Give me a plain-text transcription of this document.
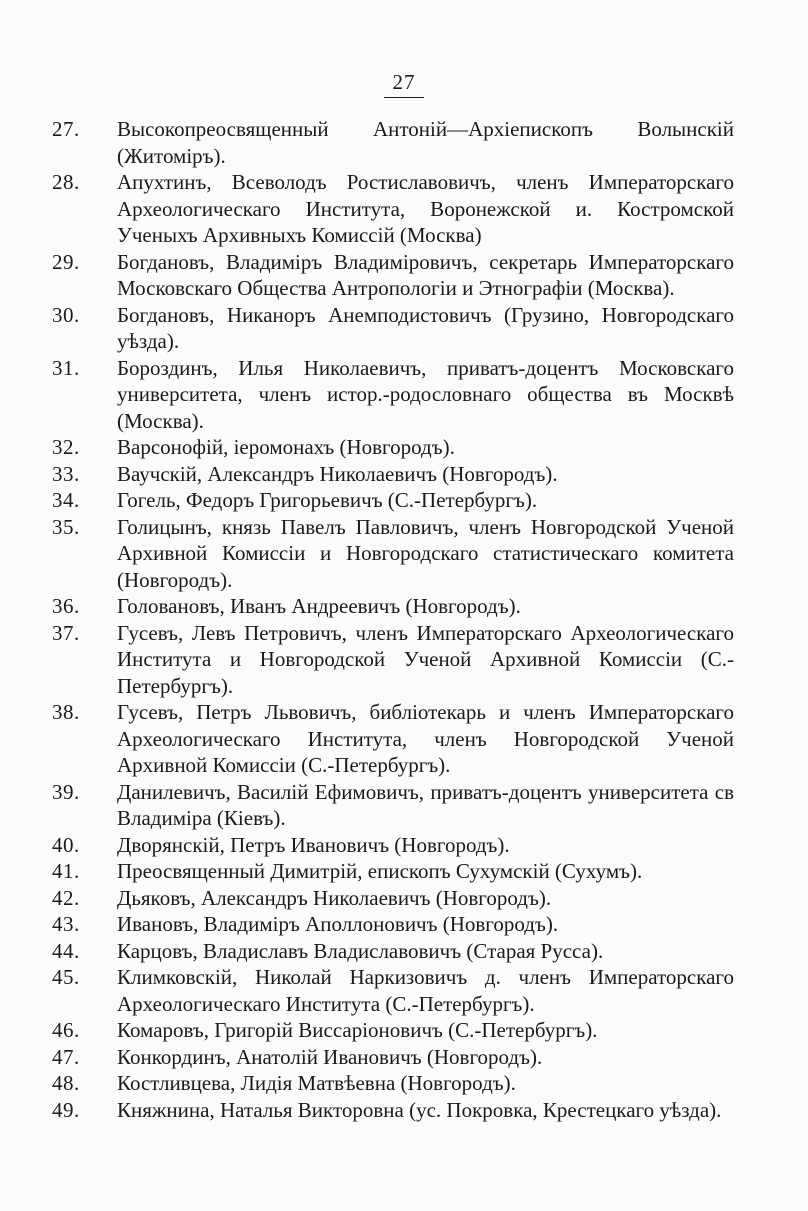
27
27.	Высокопреосвященный Антоній—Архіепископъ Волынскій (Житоміръ).
28.	Апухтинъ, Всеволодъ Ростиславовичъ, членъ Императорскаго Археологическаго Института, Воронежской и. Костромской Ученыхъ Архивныхъ Комиссій (Москва)
29.	Богдановъ, Владиміръ Владиміровичъ, секретарь Императорскаго Московскаго Общества Антропологіи и Этнографіи (Москва).
30.	Богдановъ, Никаноръ Анемподистовичъ (Грузино, Новгородскаго уѣзда).
31.	Бороздинъ, Илья Николаевичъ, приватъ-доцентъ Московскаго университета, членъ истор.-родословнаго общества въ Москвѣ (Москва).
32.	Варсонофій, іеромонахъ (Новгородъ).
33.	Ваучскій, Александръ Николаевичъ (Новгородъ).
34.	Гогель, Федоръ Григорьевичъ (С.-Петербургъ).
35.	Голицынъ, князь Павелъ Павловичъ, членъ Новгородской Ученой Архивной Комиссіи и Новгородскаго статистическаго комитета (Новгородъ).
36.	Головановъ, Иванъ Андреевичъ (Новгородъ).
37.	Гусевъ, Левъ Петровичъ, членъ Императорскаго Археологическаго Института и Новгородской Ученой Архивной Комиссіи (С.-Петербургъ).
38.	Гусевъ, Петръ Львовичъ, библіотекарь и членъ Императорскаго Археологическаго Института, членъ Новгородской Ученой Архивной Комиссіи (С.-Петербургъ).
39.	Данилевичъ, Василій Ефимовичъ, приватъ-доцентъ университета св Владиміра (Кіевъ).
40.	Дворянскій, Петръ Ивановичъ (Новгородъ).
41.	Преосвященный Димитрій, епископъ Сухумскій (Сухумъ).
42.	Дьяковъ, Александръ Николаевичъ (Новгородъ).
43.	Ивановъ, Владиміръ Аполлоновичъ (Новгородъ).
44.	Карцовъ, Владиславъ Владиславовичъ (Старая Русса).
45.	Климковскій, Николай Наркизовичъ д. членъ Императорскаго Археологическаго Института (С.-Петербургъ).
46.	Комаровъ, Григорій Виссаріоновичъ (С.-Петербургъ).
47.	Конкординъ, Анатолій Ивановичъ (Новгородъ).
48.	Костливцева, Лидія Матвѣевна (Новгородъ).
49.	Княжнина, Наталья Викторовна (ус. Покровка, Крестецкаго уѣзда).
